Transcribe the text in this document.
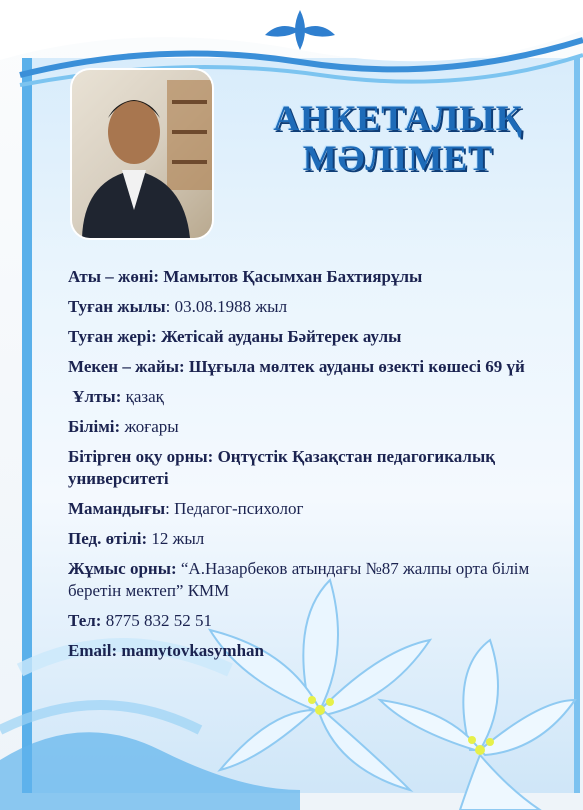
АНКЕТАЛЫҚ
МӘЛІМЕТ
Аты – жөні: Мамытов Қасымхан Бахтиярұлы
Туған жылы: 03.08.1988 жыл
Туған жері: Жетісай ауданы Бәйтерек аулы
Мекен – жайы: Шұғыла мөлтек ауданы өзекті көшесі 69 үй
Ұлты: қазақ
Білімі: жоғары
Бітірген оқу орны: Оңтүстік Қазақстан педагогикалық университеті
Мамандығы: Педагог-психолог
Пед. өтілі: 12 жыл
Жұмыс орны: “А.Назарбеков атындағы №87 жалпы орта білім беретін мектеп” КММ
Тел: 8775 832 52 51
Email: mamytovkasymhan
